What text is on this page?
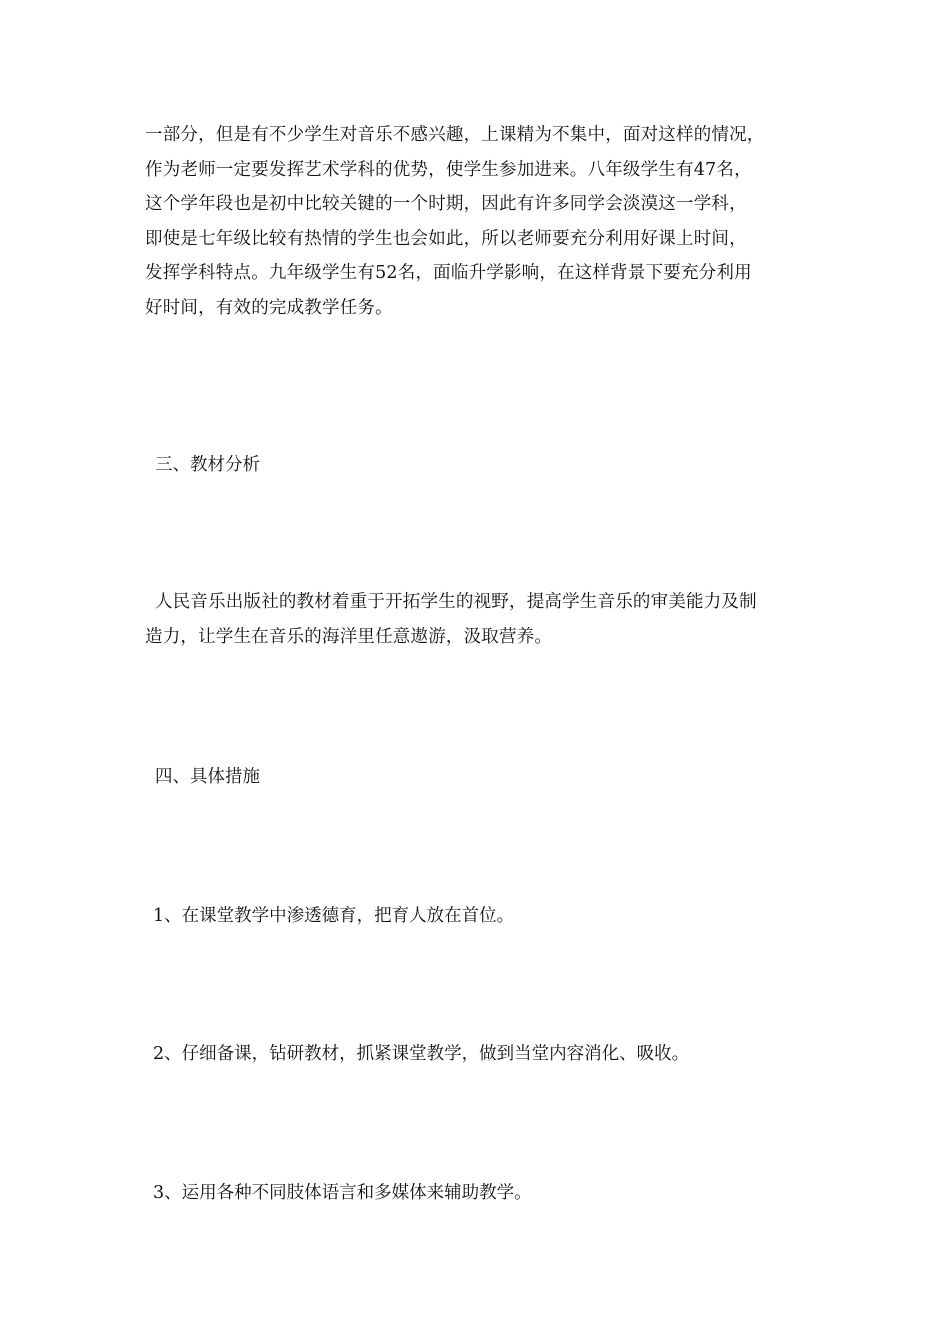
一部分，但是有不少学生对音乐不感兴趣，上课精为不集中，面对这样的情况，
作为老师一定要发挥艺术学科的优势，使学生参加进来。八年级学生有47名，
这个学年段也是初中比较关键的一个时期，因此有许多同学会淡漠这一学科，
即使是七年级比较有热情的学生也会如此，所以老师要充分利用好课上时间，
发挥学科特点。九年级学生有52名，面临升学影响，在这样背景下要充分利用
好时间，有效的完成教学任务。
三、教材分析
人民音乐出版社的教材着重于开拓学生的视野，提高学生音乐的审美能力及制
造力，让学生在音乐的海洋里任意遨游，汲取营养。
四、具体措施
1、在课堂教学中渗透德育，把育人放在首位。
2、仔细备课，钻研教材，抓紧课堂教学，做到当堂内容消化、吸收。
3、运用各种不同肢体语言和多媒体来辅助教学。
